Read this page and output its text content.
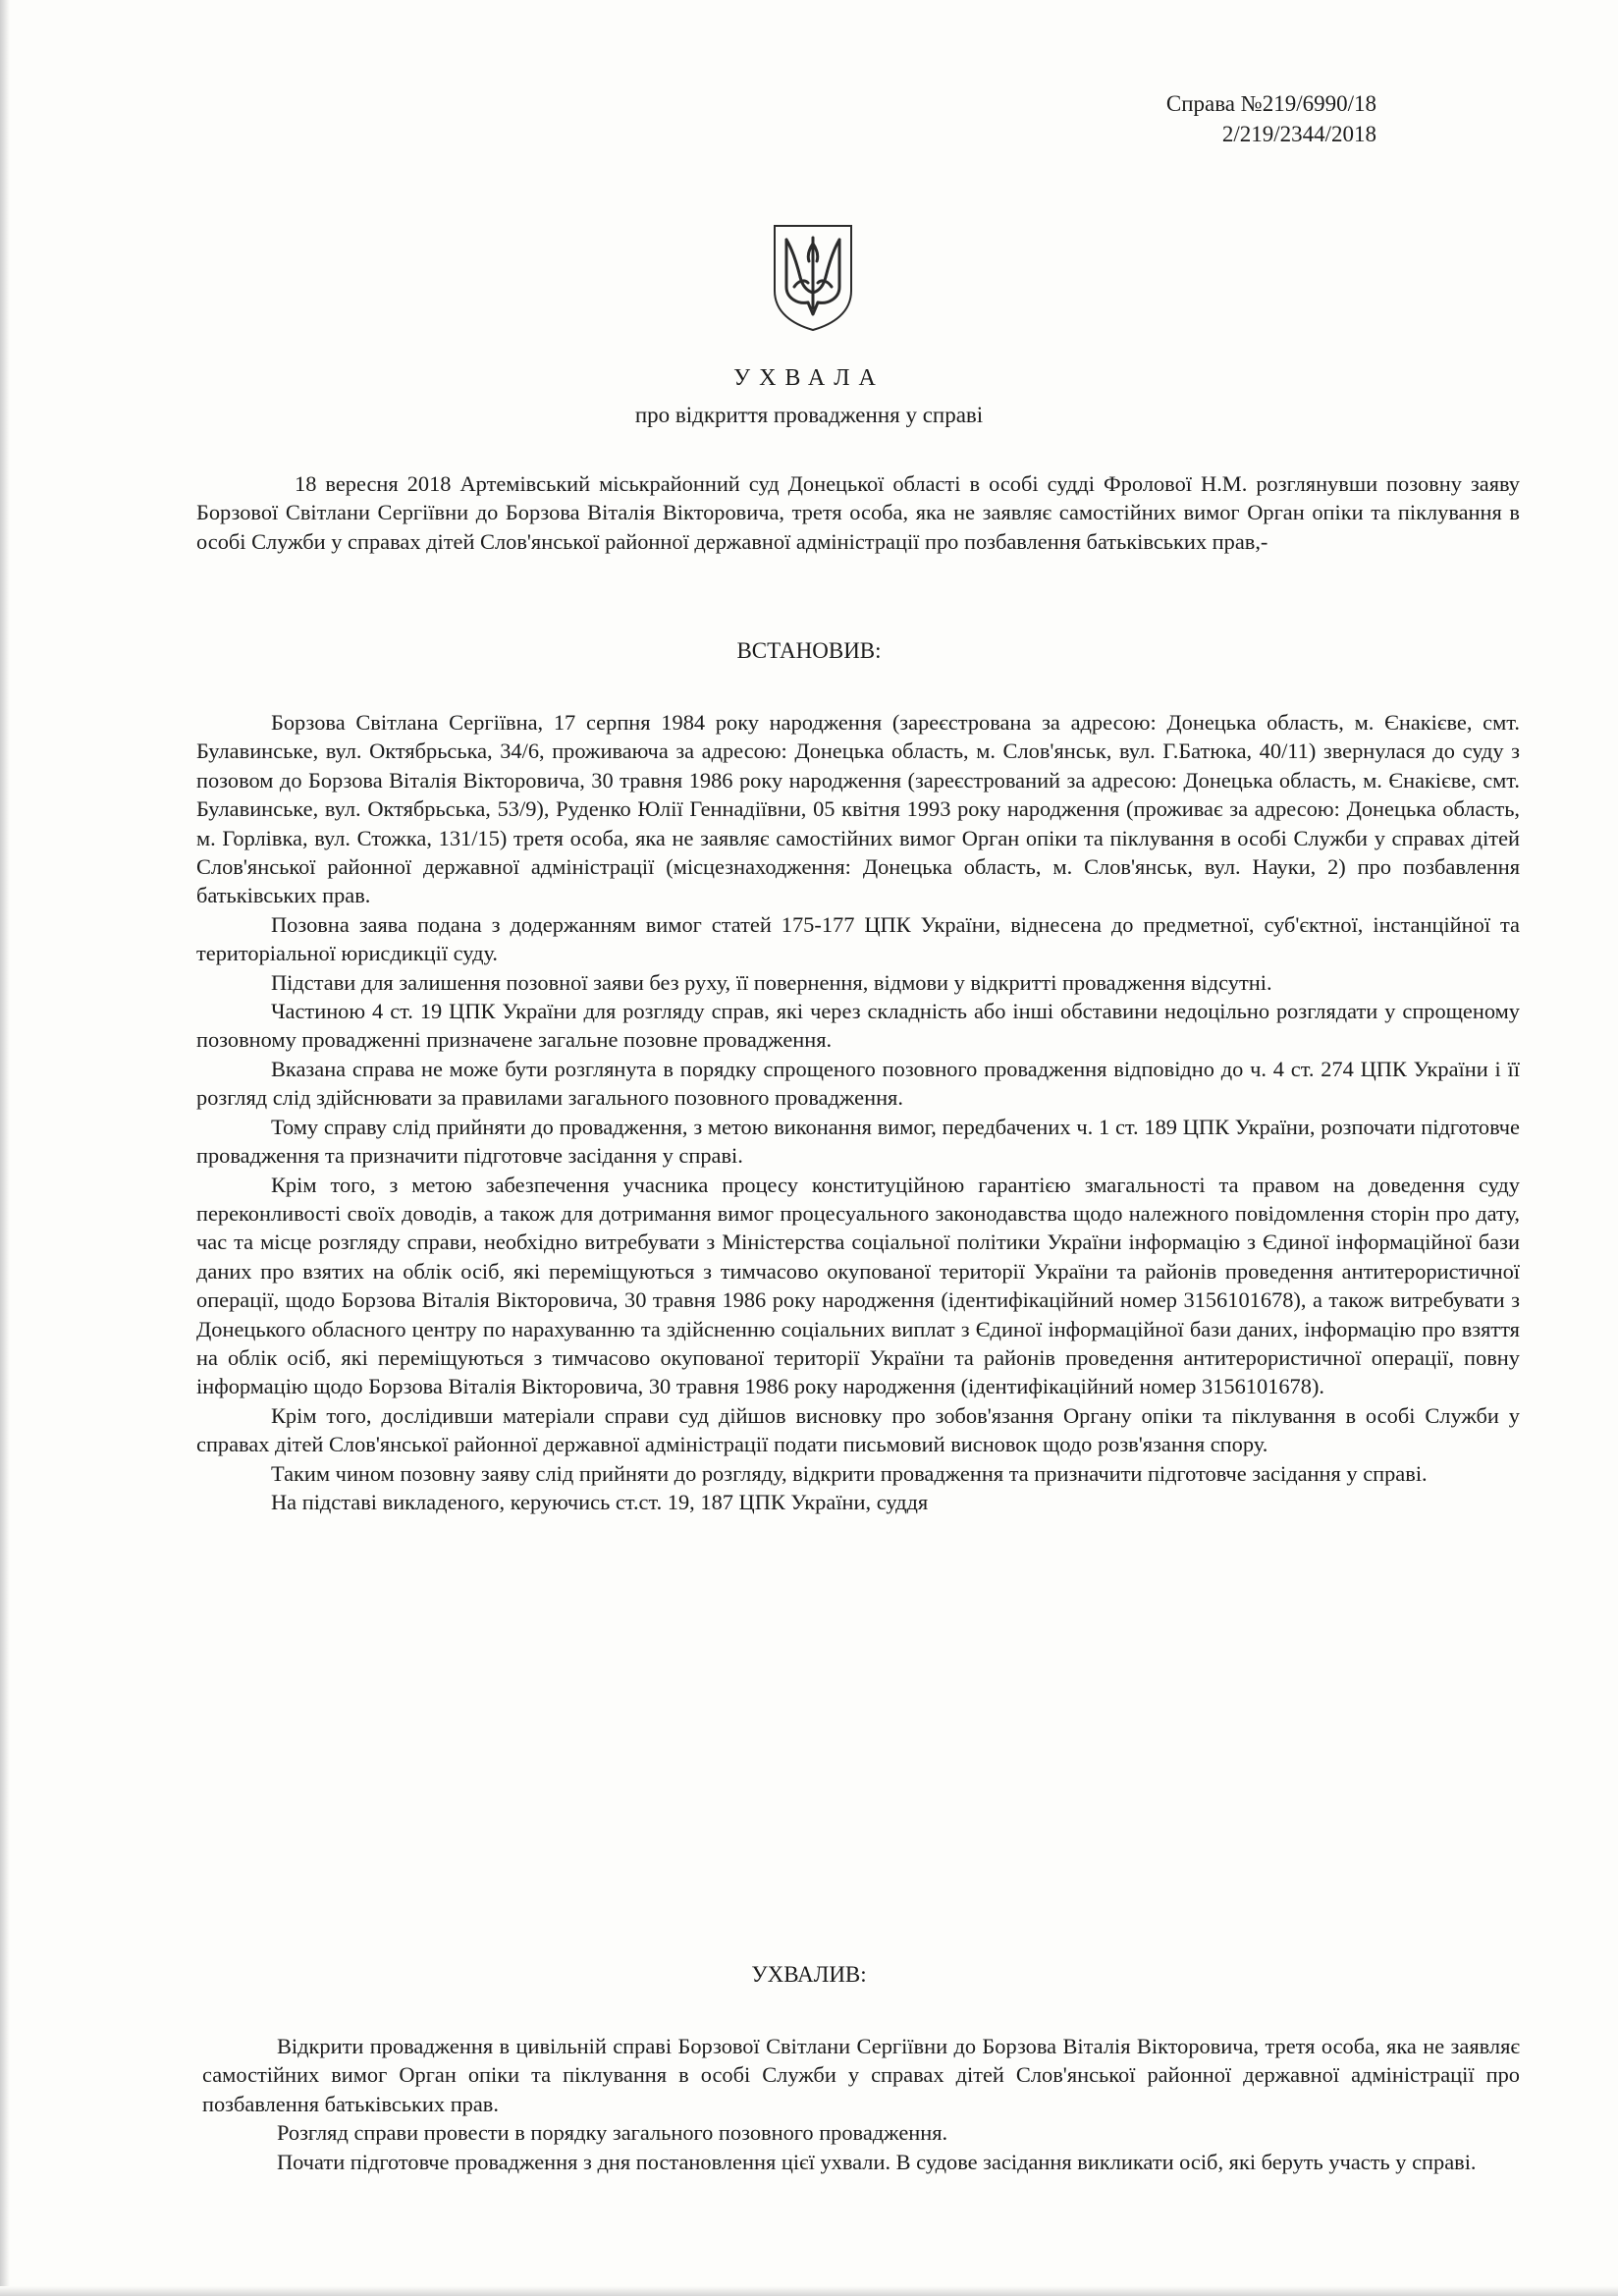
Справа №219/6990/18
2/219/2344/2018
УХВАЛА
про відкриття провадження у справі

18 вересня 2018 Артемівський міськрайонний суд Донецької області в особі судді Фролової Н.М. розглянувши позовну заяву Борзової Світлани Сергіївни до Борзова Віталія Вікторовича, третя особа, яка не заявляє самостійних вимог Орган опіки та піклування в особі Служби у справах дітей Слов'янської районної державної адміністрації про позбавлення батьківських прав,-

ВСТАНОВИВ:

Борзова Світлана Сергіївна, 17 серпня 1984 року народження (зареєстрована за адресою: Донецька область, м. Єнакієве, смт. Булавинське, вул. Октябрьська, 34/6, проживаюча за адресою: Донецька область, м. Слов'янськ, вул. Г.Батюка, 40/11) звернулася до суду з позовом до Борзова Віталія Вікторовича, 30 травня 1986 року народження (зареєстрований за адресою: Донецька область, м. Єнакієве, смт. Булавинське, вул. Октябрьська, 53/9), Руденко Юлії Геннадіївни, 05 квітня 1993 року народження (проживає за адресою: Донецька область, м. Горлівка, вул. Стожка, 131/15) третя особа, яка не заявляє самостійних вимог Орган опіки та піклування в особі Служби у справах дітей Слов'янської районної державної адміністрації (місцезнаходження: Донецька область, м. Слов'янськ, вул. Науки, 2) про позбавлення батьківських прав.

Позовна заява подана з додержанням вимог статей 175-177 ЦПК України, віднесена до предметної, суб'єктної, інстанційної та територіальної юрисдикції суду.

Підстави для залишення позовної заяви без руху, її повернення, відмови у відкритті провадження відсутні.

Частиною 4 ст. 19 ЦПК України для розгляду справ, які через складність або інші обставини недоцільно розглядати у спрощеному позовному провадженні призначене загальне позовне провадження.

Вказана справа не може бути розглянута в порядку спрощеного позовного провадження відповідно до ч. 4 ст. 274 ЦПК України і її розгляд слід здійснювати за правилами загального позовного провадження.

Тому справу слід прийняти до провадження, з метою виконання вимог, передбачених ч. 1 ст. 189 ЦПК України, розпочати підготовче провадження та призначити підготовче засідання у справі.

Крім того, з метою забезпечення учасника процесу конституційною гарантією змагальності та правом на доведення суду переконливості своїх доводів, а також для дотримання вимог процесуального законодавства щодо належного повідомлення сторін про дату, час та місце розгляду справи, необхідно витребувати з Міністерства соціальної політики України інформацію з Єдиної інформаційної бази даних про взятих на облік осіб, які переміщуються з тимчасово окупованої території України та районів проведення антитерористичної операції, щодо Борзова Віталія Вікторовича, 30 травня 1986 року народження (ідентифікаційний номер 3156101678), а також витребувати з Донецького обласного центру по нарахуванню та здійсненню соціальних виплат з Єдиної інформаційної бази даних, інформацію про взяття на облік осіб, які переміщуються з тимчасово окупованої території України та районів проведення антитерористичної операції, повну інформацію щодо Борзова Віталія Вікторовича, 30 травня 1986 року народження (ідентифікаційний номер 3156101678).

Крім того, дослідивши матеріали справи суд дійшов висновку про зобов'язання Органу опіки та піклування в особі Служби у справах дітей Слов'янської районної державної адміністрації подати письмовий висновок щодо розв'язання спору.

Таким чином позовну заяву слід прийняти до розгляду, відкрити провадження та призначити підготовче засідання у справі.

На підставі викладеного, керуючись ст.ст. 19, 187 ЦПК України, суддя

УХВАЛИВ:

Відкрити провадження в цивільній справі Борзової Світлани Сергіївни до Борзова Віталія Вікторовича, третя особа, яка не заявляє самостійних вимог Орган опіки та піклування в особі Служби у справах дітей Слов'янської районної державної адміністрації про позбавлення батьківських прав.

Розгляд справи провести в порядку загального позовного провадження.

Почати підготовче провадження з дня постановлення цієї ухвали. В судове засідання викликати осіб, які беруть участь у справі.
